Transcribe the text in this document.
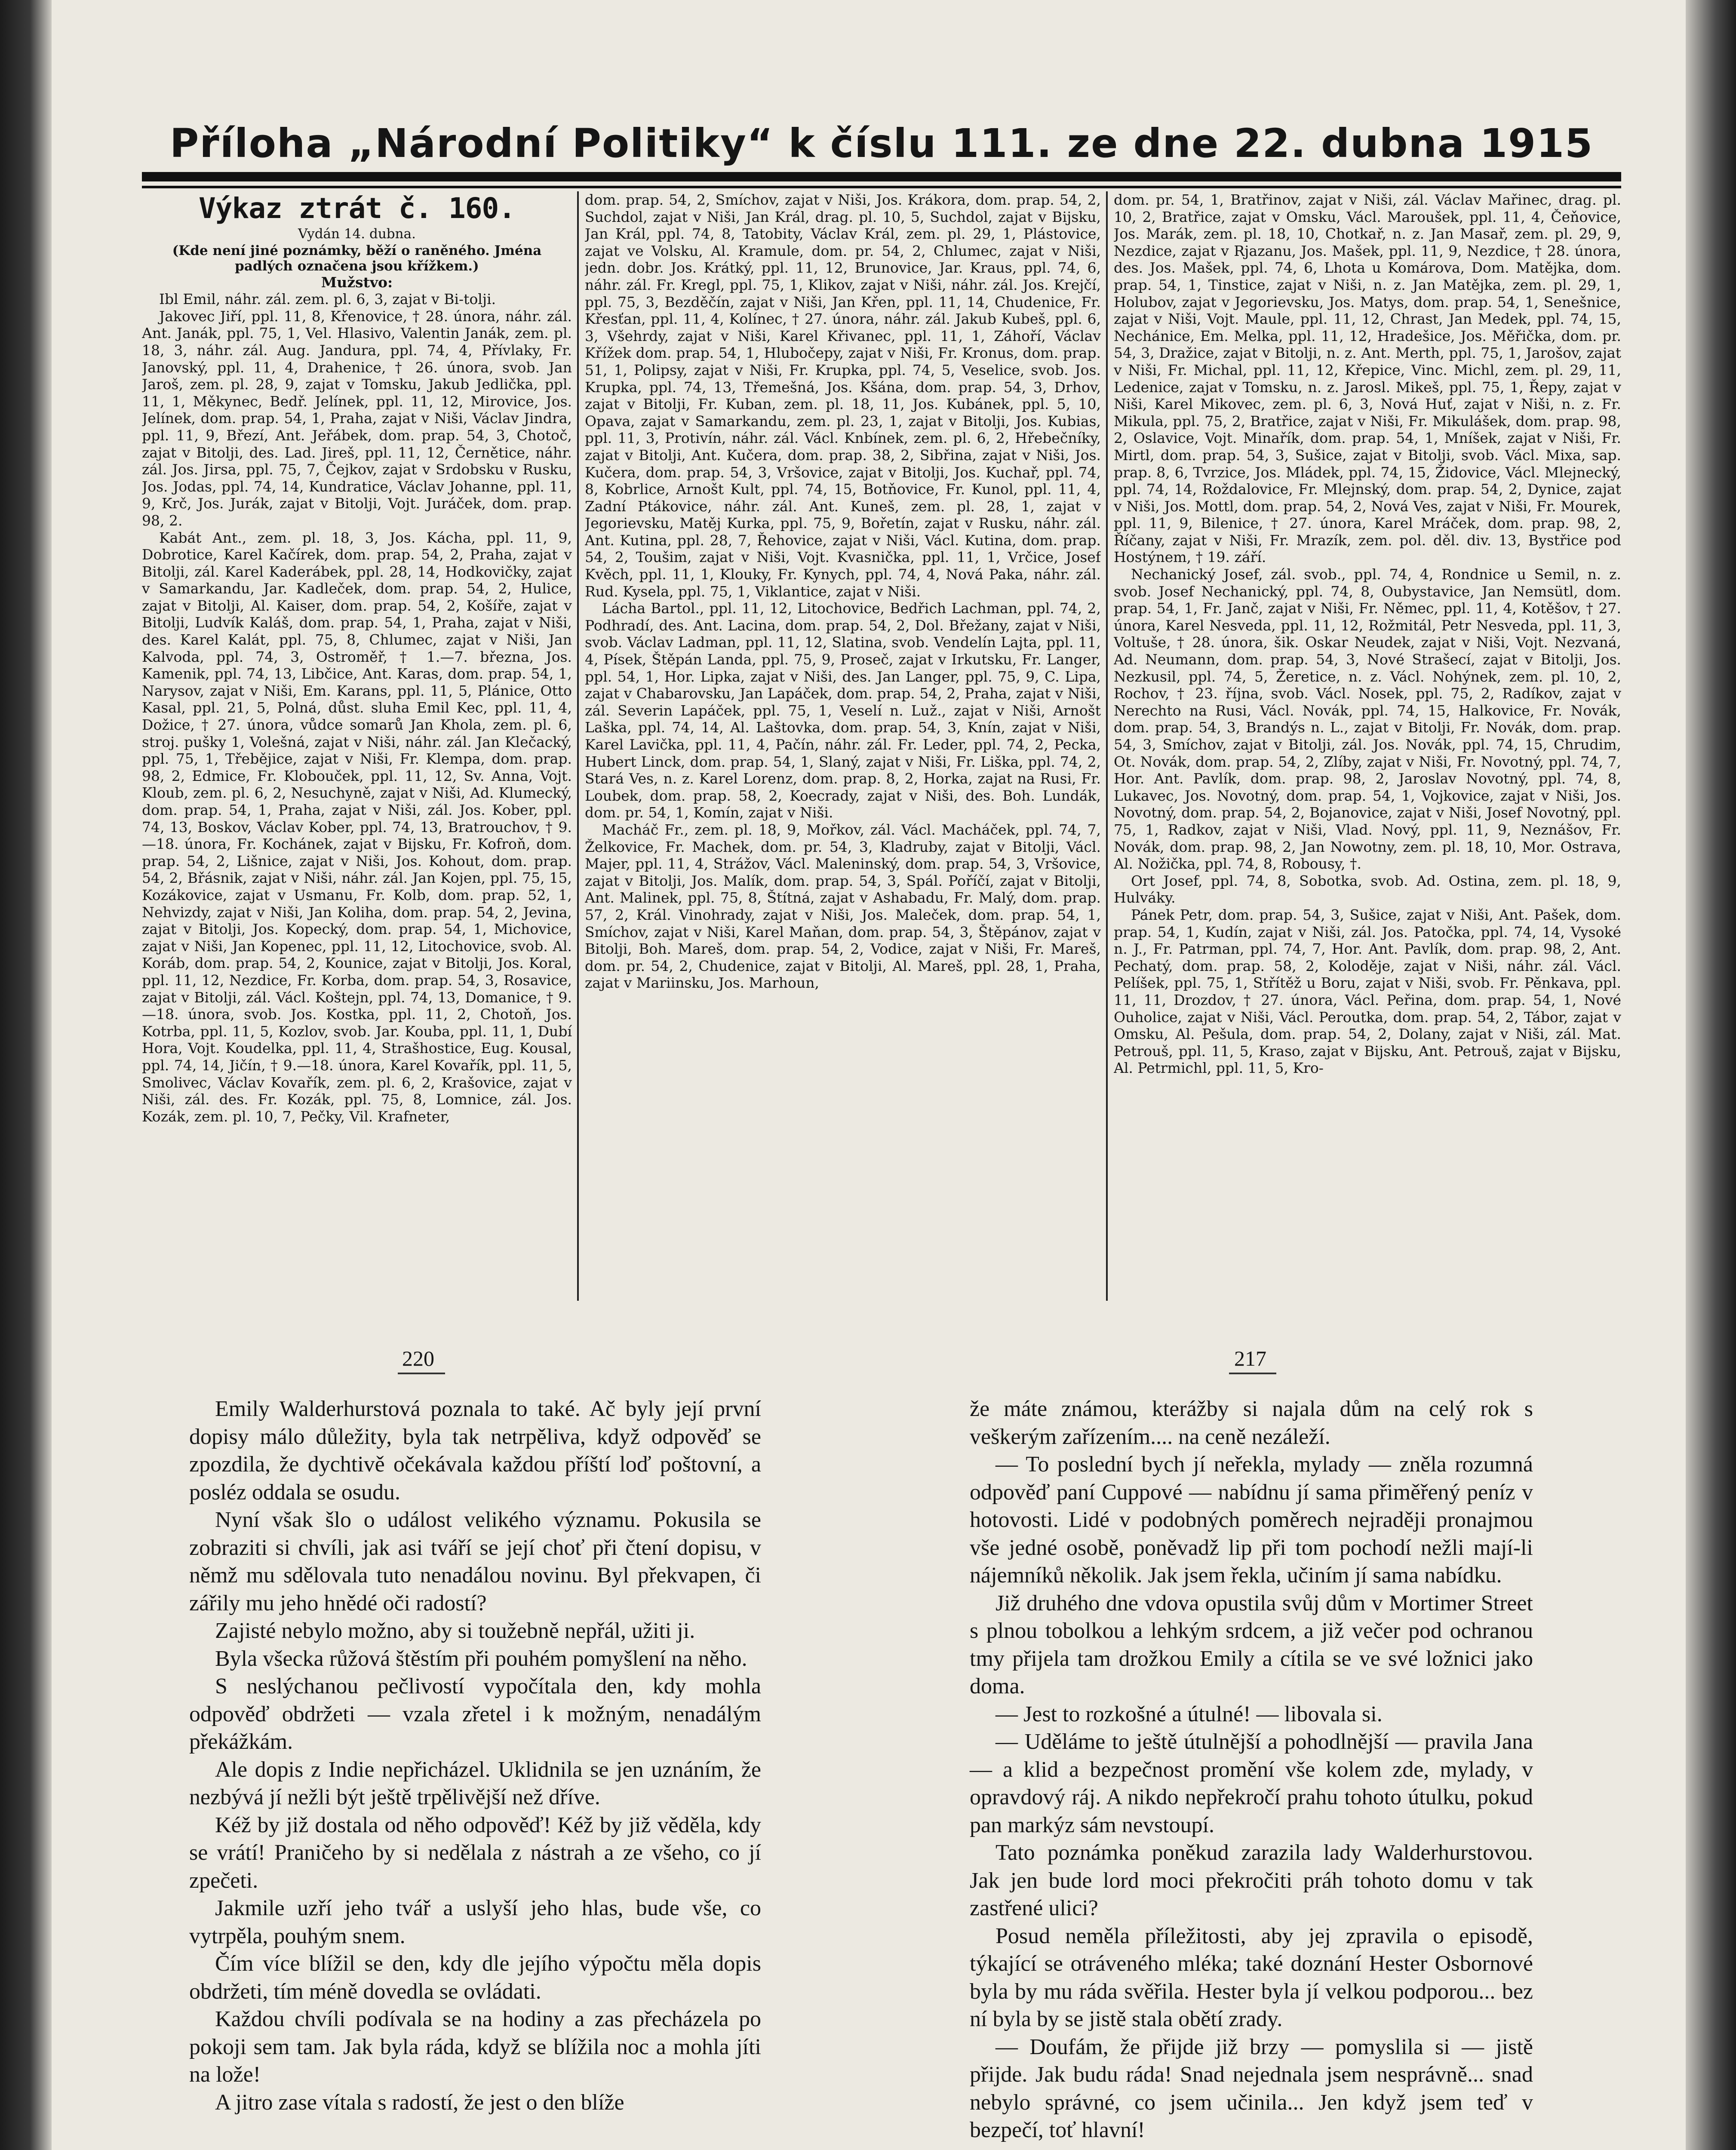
Příloha „Národní Politiky“ k číslu 111. ze dne 22. dubna 1915

Výkaz ztrát č. 160.

Vydán 14. dubna.

(Kde není jiné poznámky, běží o raněného. Jména padlých označena jsou křížkem.)

Mužstvo:

Ibl Emil, náhr. zál. zem. pl. 6, 3, zajat v Bi-tolji.

Jakovec Jiří, ppl. 11, 8, Křenovice, † 28. února, náhr. zál. Ant. Janák, ppl. 75, 1, Vel. Hlasivo, Valentin Janák, zem. pl. 18, 3, náhr. zál. Aug. Jandura, ppl. 74, 4, Přívlaky, Fr. Janovský, ppl. 11, 4, Drahenice, † 26. února, svob. Jan Jaroš, zem. pl. 28, 9, zajat v Tomsku, Jakub Jedlička, ppl. 11, 1, Měkynec, Bedř. Jelínek, ppl. 11, 12, Mirovice, Jos. Jelínek, dom. prap. 54, 1, Praha, zajat v Niši, Václav Jindra, ppl. 11, 9, Březí, Ant. Jeřábek, dom. prap. 54, 3, Chotoč, zajat v Bitolji, des. Lad. Jireš, ppl. 11, 12, Černětice, náhr. zál. Jos. Jirsa, ppl. 75, 7, Čejkov, zajat v Srdobsku v Rusku, Jos. Jodas, ppl. 74, 14, Kundratice, Václav Johanne, ppl. 11, 9, Krč, Jos. Jurák, zajat v Bitolji, Vojt. Juráček, dom. prap. 98, 2.

Kabát Ant., zem. pl. 18, 3, Jos. Kácha, ppl. 11, 9, Dobrotice, Karel Kačírek, dom. prap. 54, 2, Praha, zajat v Bitolji, zál. Karel Kaderábek, ppl. 28, 14, Hodkovičky, zajat v Samarkandu, Jar. Kadleček, dom. prap. 54, 2, Hulice, zajat v Bitolji, Al. Kaiser, dom. prap. 54, 2, Košíře, zajat v Bitolji, Ludvík Kaláš, dom. prap. 54, 1, Praha, zajat v Niši, des. Karel Kalát, ppl. 75, 8, Chlumec, zajat v Niši, Jan Kalvoda, ppl. 74, 3, Ostroměř, † 1.—7. března, Jos. Kamenik, ppl. 74, 13, Libčice, Ant. Karas, dom. prap. 54, 1, Narysov, zajat v Niši, Em. Karans, ppl. 11, 5, Plánice, Otto Kasal, ppl. 21, 5, Polná, důst. sluha Emil Kec, ppl. 11, 4, Dožice, † 27. února, vůdce somarů Jan Khola, zem. pl. 6, stroj. pušky 1, Volešná, zajat v Niši, náhr. zál. Jan Klečacký, ppl. 75, 1, Třebějice, zajat v Niši, Fr. Klempa, dom. prap. 98, 2, Edmice, Fr. Klobouček, ppl. 11, 12, Sv. Anna, Vojt. Kloub, zem. pl. 6, 2, Nesuchyně, zajat v Niši, Ad. Klumecký, dom. prap. 54, 1, Praha, zajat v Niši, zál. Jos. Kober, ppl. 74, 13, Boskov, Václav Kober, ppl. 74, 13, Bratrouchov, † 9.—18. února, Fr. Kochánek, zajat v Bijsku, Fr. Kofroň, dom. prap. 54, 2, Lišnice, zajat v Niši, Jos. Kohout, dom. prap. 54, 2, Břásnik, zajat v Niši, náhr. zál. Jan Kojen, ppl. 75, 15, Kozákovice, zajat v Usmanu, Fr. Kolb, dom. prap. 52, 1, Nehvizdy, zajat v Niši, Jan Koliha, dom. prap. 54, 2, Jevina, zajat v Bitolji, Jos. Kopecký, dom. prap. 54, 1, Michovice, zajat v Niši, Jan Kopenec, ppl. 11, 12, Litochovice, svob. Al. Koráb, dom. prap. 54, 2, Kounice, zajat v Bitolji, Jos. Koral, ppl. 11, 12, Nezdice, Fr. Korba, dom. prap. 54, 3, Rosavice, zajat v Bitolji, zál. Václ. Koštejn, ppl. 74, 13, Domanice, † 9.—18. února, svob. Jos. Kostka, ppl. 11, 2, Chotoň, Jos. Kotrba, ppl. 11, 5, Kozlov, svob. Jar. Kouba, ppl. 11, 1, Dubí Hora, Vojt. Koudelka, ppl. 11, 4, Strašhostice, Eug. Kousal, ppl. 74, 14, Jičín, † 9.—18. února, Karel Kovařík, ppl. 11, 5, Smolivec, Václav Kovařík, zem. pl. 6, 2, Krašovice, zajat v Niši, zál. des. Fr. Kozák, ppl. 75, 8, Lomnice, zál. Jos. Kozák, zem. pl. 10, 7, Pečky, Vil. Krafneter,

dom. prap. 54, 2, Smíchov, zajat v Niši, Jos. Krákora, dom. prap. 54, 2, Suchdol, zajat v Niši, Jan Král, drag. pl. 10, 5, Suchdol, zajat v Bijsku, Jan Král, ppl. 74, 8, Tatobity, Václav Král, zem. pl. 29, 1, Plástovice, zajat ve Volsku, Al. Kramule, dom. pr. 54, 2, Chlumec, zajat v Niši, jedn. dobr. Jos. Krátký, ppl. 11, 12, Brunovice, Jar. Kraus, ppl. 74, 6, náhr. zál. Fr. Kregl, ppl. 75, 1, Klikov, zajat v Niši, náhr. zál. Jos. Krejčí, ppl. 75, 3, Bezděčín, zajat v Niši, Jan Křen, ppl. 11, 14, Chudenice, Fr. Křesťan, ppl. 11, 4, Kolínec, † 27. února, náhr. zál. Jakub Kubeš, ppl. 6, 3, Všehrdy, zajat v Niši, Karel Křivanec, ppl. 11, 1, Záhoří, Václav Křížek dom. prap. 54, 1, Hlubočepy, zajat v Niši, Fr. Kronus, dom. prap. 51, 1, Polipsy, zajat v Niši, Fr. Krupka, ppl. 74, 5, Veselice, svob. Jos. Krupka, ppl. 74, 13, Třemešná, Jos. Kšána, dom. prap. 54, 3, Drhov, zajat v Bitolji, Fr. Kuban, zem. pl. 18, 11, Jos. Kubánek, ppl. 5, 10, Opava, zajat v Samarkandu, zem. pl. 23, 1, zajat v Bitolji, Jos. Kubias, ppl. 11, 3, Protivín, náhr. zál. Václ. Knbínek, zem. pl. 6, 2, Hřebečníky, zajat v Bitolji, Ant. Kučera, dom. prap. 38, 2, Sibřina, zajat v Niši, Jos. Kučera, dom. prap. 54, 3, Vršovice, zajat v Bitolji, Jos. Kuchař, ppl. 74, 8, Kobrlice, Arnošt Kult, ppl. 74, 15, Botňovice, Fr. Kunol, ppl. 11, 4, Zadní Ptákovice, náhr. zál. Ant. Kuneš, zem. pl. 28, 1, zajat v Jegorievsku, Matěj Kurka, ppl. 75, 9, Bořetín, zajat v Rusku, náhr. zál. Ant. Kutina, ppl. 28, 7, Řehovice, zajat v Niši, Václ. Kutina, dom. prap. 54, 2, Toušim, zajat v Niši, Vojt. Kvasnička, ppl. 11, 1, Vrčice, Josef Kvěch, ppl. 11, 1, Klouky, Fr. Kynych, ppl. 74, 4, Nová Paka, náhr. zál. Rud. Kysela, ppl. 75, 1, Viklantice, zajat v Niši.

Lácha Bartol., ppl. 11, 12, Litochovice, Bedřich Lachman, ppl. 74, 2, Podhradí, des. Ant. Lacina, dom. prap. 54, 2, Dol. Břežany, zajat v Niši, svob. Václav Ladman, ppl. 11, 12, Slatina, svob. Vendelín Lajta, ppl. 11, 4, Písek, Štěpán Landa, ppl. 75, 9, Proseč, zajat v Irkutsku, Fr. Langer, ppl. 54, 1, Hor. Lipka, zajat v Niši, des. Jan Langer, ppl. 75, 9, C. Lipa, zajat v Chabarovsku, Jan Lapáček, dom. prap. 54, 2, Praha, zajat v Niši, zál. Severin Lapáček, ppl. 75, 1, Veselí n. Luž., zajat v Niši, Arnošt Laška, ppl. 74, 14, Al. Laštovka, dom. prap. 54, 3, Knín, zajat v Niši, Karel Lavička, ppl. 11, 4, Pačín, náhr. zál. Fr. Leder, ppl. 74, 2, Pecka, Hubert Linck, dom. prap. 54, 1, Slaný, zajat v Niši, Fr. Liška, ppl. 74, 2, Stará Ves, n. z. Karel Lorenz, dom. prap. 8, 2, Horka, zajat na Rusi, Fr. Loubek, dom. prap. 58, 2, Koecrady, zajat v Niši, des. Boh. Lundák, dom. pr. 54, 1, Komín, zajat v Niši.

Macháč Fr., zem. pl. 18, 9, Mořkov, zál. Václ. Macháček, ppl. 74, 7, Želkovice, Fr. Machek, dom. pr. 54, 3, Kladruby, zajat v Bitolji, Václ. Majer, ppl. 11, 4, Strážov, Václ. Maleninský, dom. prap. 54, 3, Vršovice, zajat v Bitolji, Jos. Malík, dom. prap. 54, 3, Spál. Poříčí, zajat v Bitolji, Ant. Malinek, ppl. 75, 8, Štítná, zajat v Ashabadu, Fr. Malý, dom. prap. 57, 2, Král. Vinohrady, zajat v Niši, Jos. Maleček, dom. prap. 54, 1, Smíchov, zajat v Niši, Karel Maňan, dom. prap. 54, 3, Štěpánov, zajat v Bitolji, Boh. Mareš, dom. prap. 54, 2, Vodice, zajat v Niši, Fr. Mareš, dom. pr. 54, 2, Chudenice, zajat v Bitolji, Al. Mareš, ppl. 28, 1, Praha, zajat v Mariinsku, Jos. Marhoun,

dom. pr. 54, 1, Bratřinov, zajat v Niši, zál. Václav Mařinec, drag. pl. 10, 2, Bratřice, zajat v Omsku, Václ. Maroušek, ppl. 11, 4, Čeňovice, Jos. Marák, zem. pl. 18, 10, Chotkař, n. z. Jan Masař, zem. pl. 29, 9, Nezdice, zajat v Rjazanu, Jos. Mašek, ppl. 11, 9, Nezdice, † 28. února, des. Jos. Mašek, ppl. 74, 6, Lhota u Komárova, Dom. Matějka, dom. prap. 54, 1, Tinstice, zajat v Niši, n. z. Jan Matějka, zem. pl. 29, 1, Holubov, zajat v Jegorievsku, Jos. Matys, dom. prap. 54, 1, Senešnice, zajat v Niši, Vojt. Maule, ppl. 11, 12, Chrast, Jan Medek, ppl. 74, 15, Nechánice, Em. Melka, ppl. 11, 12, Hradešice, Jos. Měřička, dom. pr. 54, 3, Dražice, zajat v Bitolji, n. z. Ant. Merth, ppl. 75, 1, Jarošov, zajat v Niši, Fr. Michal, ppl. 11, 12, Křepice, Vinc. Michl, zem. pl. 29, 11, Ledenice, zajat v Tomsku, n. z. Jarosl. Mikeš, ppl. 75, 1, Řepy, zajat v Niši, Karel Mikovec, zem. pl. 6, 3, Nová Huť, zajat v Niši, n. z. Fr. Mikula, ppl. 75, 2, Bratřice, zajat v Niši, Fr. Mikulášek, dom. prap. 98, 2, Oslavice, Vojt. Minařík, dom. prap. 54, 1, Mníšek, zajat v Niši, Fr. Mirtl, dom. prap. 54, 3, Sušice, zajat v Bitolji, svob. Václ. Mixa, sap. prap. 8, 6, Tvrzice, Jos. Mládek, ppl. 74, 15, Židovice, Václ. Mlejnecký, ppl. 74, 14, Roždalovice, Fr. Mlejnský, dom. prap. 54, 2, Dynice, zajat v Niši, Jos. Mottl, dom. prap. 54, 2, Nová Ves, zajat v Niši, Fr. Mourek, ppl. 11, 9, Bilenice, † 27. února, Karel Mráček, dom. prap. 98, 2, Říčany, zajat v Niši, Fr. Mrazík, zem. pol. děl. div. 13, Bystřice pod Hostýnem, † 19. září.

Nechanický Josef, zál. svob., ppl. 74, 4, Rondnice u Semil, n. z. svob. Josef Nechanický, ppl. 74, 8, Oubystavice, Jan Nemsütl, dom. prap. 54, 1, Fr. Janč, zajat v Niši, Fr. Němec, ppl. 11, 4, Kotěšov, † 27. února, Karel Nesveda, ppl. 11, 12, Rožmitál, Petr Nesveda, ppl. 11, 3, Voltuše, † 28. února, šik. Oskar Neudek, zajat v Niši, Vojt. Nezvaná, Ad. Neumann, dom. prap. 54, 3, Nové Strašecí, zajat v Bitolji, Jos. Nezkusil, ppl. 74, 5, Žeretice, n. z. Václ. Nohýnek, zem. pl. 10, 2, Rochov, † 23. října, svob. Václ. Nosek, ppl. 75, 2, Radíkov, zajat v Nerechto na Rusi, Václ. Novák, ppl. 74, 15, Halkovice, Fr. Novák, dom. prap. 54, 3, Brandýs n. L., zajat v Bitolji, Fr. Novák, dom. prap. 54, 3, Smíchov, zajat v Bitolji, zál. Jos. Novák, ppl. 74, 15, Chrudim, Ot. Novák, dom. prap. 54, 2, Zlíby, zajat v Niši, Fr. Novotný, ppl. 74, 7, Hor. Ant. Pavlík, dom. prap. 98, 2, Jaroslav Novotný, ppl. 74, 8, Lukavec, Jos. Novotný, dom. prap. 54, 1, Vojkovice, zajat v Niši, Jos. Novotný, dom. prap. 54, 2, Bojanovice, zajat v Niši, Josef Novotný, ppl. 75, 1, Radkov, zajat v Niši, Vlad. Nový, ppl. 11, 9, Neznášov, Fr. Novák, dom. prap. 98, 2, Jan Nowotny, zem. pl. 18, 10, Mor. Ostrava, Al. Nožička, ppl. 74, 8, Robousy, †.

Ort Josef, ppl. 74, 8, Sobotka, svob. Ad. Ostina, zem. pl. 18, 9, Hulváky.

Pánek Petr, dom. prap. 54, 3, Sušice, zajat v Niši, Ant. Pašek, dom. prap. 54, 1, Kudín, zajat v Niši, zál. Jos. Patočka, ppl. 74, 14, Vysoké n. J., Fr. Patrman, ppl. 74, 7, Hor. Ant. Pavlík, dom. prap. 98, 2, Ant. Pechatý, dom. prap. 58, 2, Koloděje, zajat v Niši, náhr. zál. Václ. Pelíšek, ppl. 75, 1, Střítěž u Boru, zajat v Niši, svob. Fr. Pěnkava, ppl. 11, 11, Drozdov, † 27. února, Václ. Peřina, dom. prap. 54, 1, Nové Ouholice, zajat v Niši, Václ. Peroutka, dom. prap. 54, 2, Tábor, zajat v Omsku, Al. Pešula, dom. prap. 54, 2, Dolany, zajat v Niši, zál. Mat. Petrouš, ppl. 11, 5, Kraso, zajat v Bijsku, Ant. Petrouš, zajat v Bijsku, Al. Petrmichl, ppl. 11, 5, Kro-

220	217

Emily Walderhurstová poznala to také. Ač byly její první dopisy málo důležity, byla tak netrpěliva, když odpověď se zpozdila, že dychtivě očekávala každou příští loď poštovní, a posléz oddala se osudu.

Nyní však šlo o událost velikého významu. Pokusila se zobraziti si chvíli, jak asi tváří se její choť při čtení dopisu, v němž mu sdělovala tuto nenadálou novinu. Byl překvapen, či zářily mu jeho hnědé oči radostí?

Zajisté nebylo možno, aby si toužebně nepřál, užiti ji.

Byla všecka růžová štěstím při pouhém pomyšlení na něho.

S neslýchanou pečlivostí vypočítala den, kdy mohla odpověď obdržeti — vzala zřetel i k možným, nenadálým překážkám.

Ale dopis z Indie nepřicházel. Uklidnila se jen uznáním, že nezbývá jí nežli být ještě trpělivější než dříve.

Kéž by již dostala od něho odpověď! Kéž by již věděla, kdy se vrátí! Praničeho by si nedělala z nástrah a ze všeho, co jí zpečeti.

Jakmile uzří jeho tvář a uslyší jeho hlas, bude vše, co vytrpěla, pouhým snem.

Čím více blížil se den, kdy dle jejího výpočtu měla dopis obdržeti, tím méně dovedla se ovládati.

Každou chvíli podívala se na hodiny a zas přecházela po pokoji sem tam. Jak byla ráda, když se blížila noc a mohla jíti na lože!

A jitro zase vítala s radostí, že jest o den blíže

že máte známou, kterážby si najala dům na celý rok s veškerým zařízením.... na ceně nezáleží.

— To poslední bych jí neřekla, mylady — zněla rozumná odpověď paní Cuppové — nabídnu jí sama přiměřený peníz v hotovosti. Lidé v podobných poměrech nejraději pronajmou vše jedné osobě, poněvadž lip při tom pochodí nežli mají-li nájemníků několik. Jak jsem řekla, učiním jí sama nabídku.

Již druhého dne vdova opustila svůj dům v Mortimer Street s plnou tobolkou a lehkým srdcem, a již večer pod ochranou tmy přijela tam drožkou Emily a cítila se ve své ložnici jako doma.

— Jest to rozkošné a útulné! — libovala si.

— Uděláme to ještě útulnější a pohodlnější — pravila Jana — a klid a bezpečnost promění vše kolem zde, mylady, v opravdový ráj. A nikdo nepřekročí prahu tohoto útulku, pokud pan markýz sám nevstoupí.

Tato poznámka poněkud zarazila lady Walderhurstovou. Jak jen bude lord moci překročiti práh tohoto domu v tak zastřené ulici?

Posud neměla příležitosti, aby jej zpravila o episodě, týkající se otráveného mléka; také doznání Hester Osbornové byla by mu ráda svěřila. Hester byla jí velkou podporou... bez ní byla by se jistě stala obětí zrady.

— Doufám, že přijde již brzy — pomyslila si — jistě přijde. Jak budu ráda! Snad nejednala jsem nesprávně... snad nebylo správné, co jsem učinila... Jen když jsem teď v bezpečí, toť hlavní!
